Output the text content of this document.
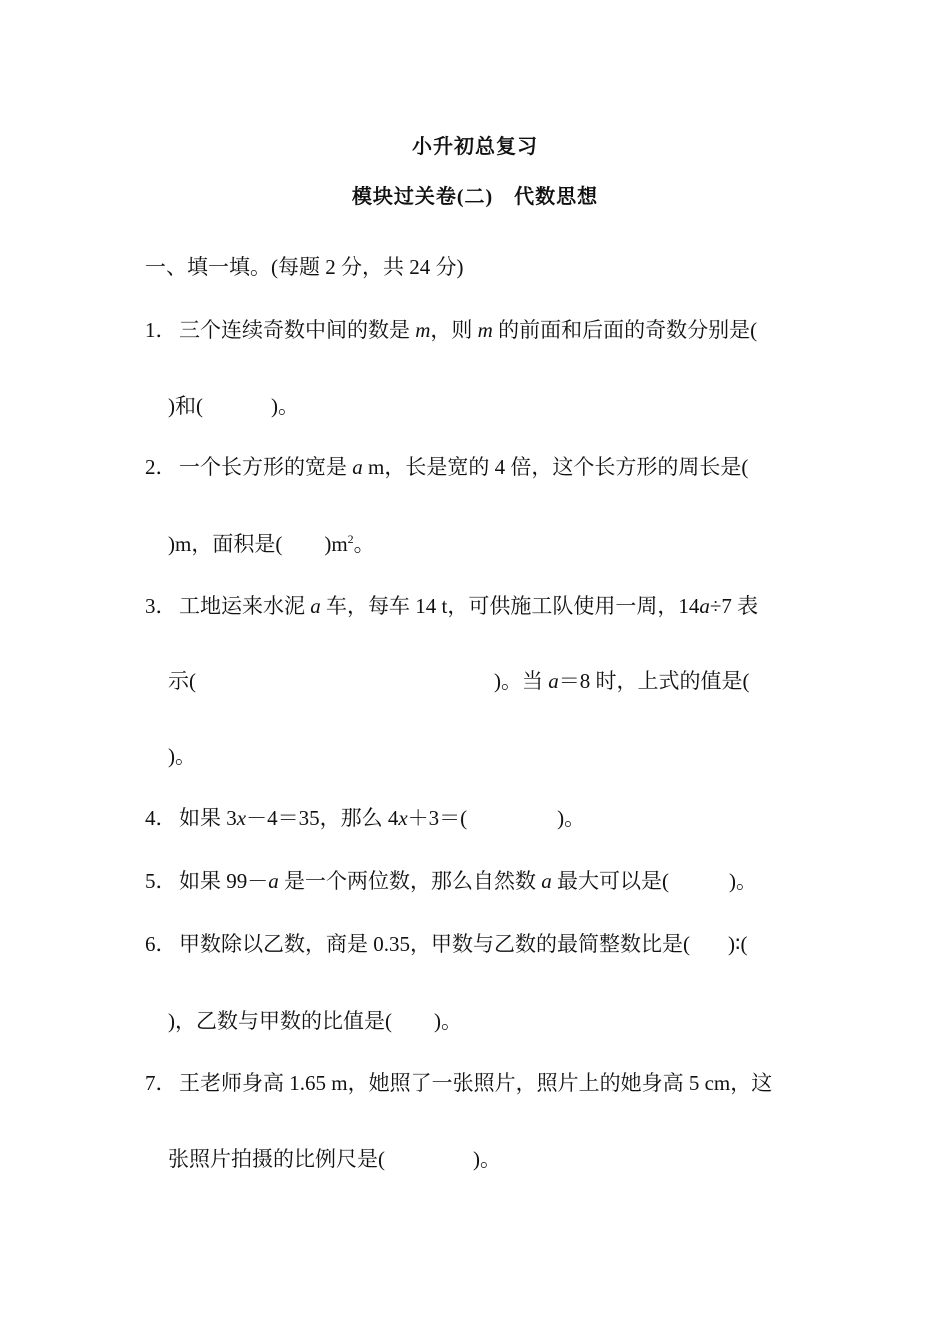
小升初总复习
模块过关卷(二)　代数思想
一、填一填。(每题 2 分，共 24 分)
1． 三个连续奇数中间的数是 m，则 m 的前面和后面的奇数分别是(
)和(	)。
2． 一个长方形的宽是 a m，长是宽的 4 倍，这个长方形的周长是(
)m，面积是( )$m^2$。
3． 工地运来水泥 a 车，每车 14 t，可供施工队使用一周，14a÷7 表
示(	)。当 a＝8 时，上式的值是(
)。
4． 如果 3x－4＝35，那么 4x＋3＝(	)。
5． 如果 99－a 是一个两位数，那么自然数 a 最大可以是(	)。
6． 甲数除以乙数，商是 0.35，甲数与乙数的最简整数比是( )∶(
)，乙数与甲数的比值是( )。
7． 王老师身高 1.65 m，她照了一张照片，照片上的她身高 5 cm，这
张照片拍摄的比例尺是(	)。
